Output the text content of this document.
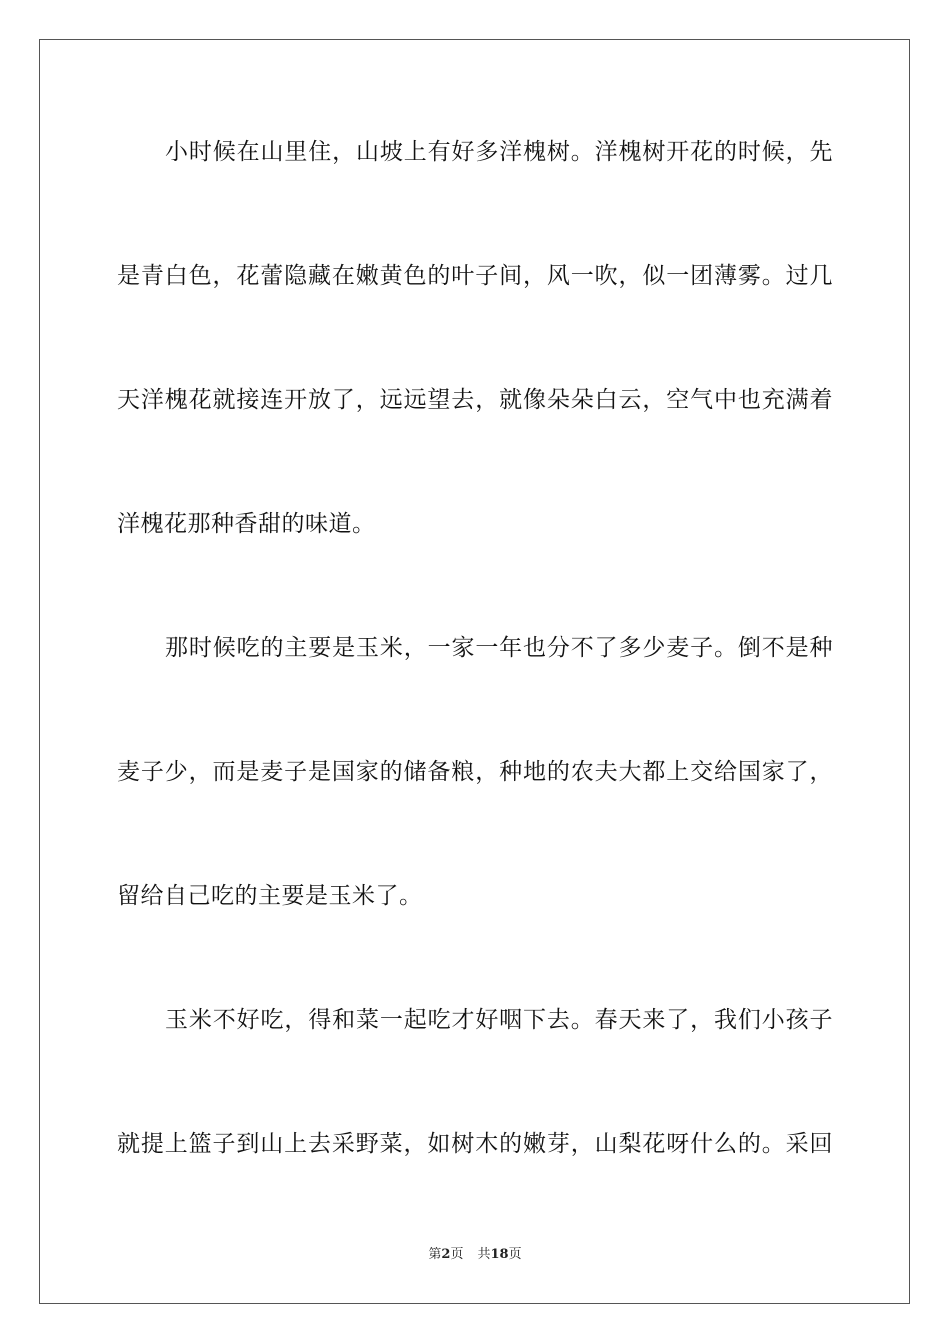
小时候在山里住，山坡上有好多洋槐树。洋槐树开花的时候，先
是青白色，花蕾隐藏在嫩黄色的叶子间，风一吹，似一团薄雾。过几
天洋槐花就接连开放了，远远望去，就像朵朵白云，空气中也充满着
洋槐花那种香甜的味道。
那时候吃的主要是玉米，一家一年也分不了多少麦子。倒不是种
麦子少，而是麦子是国家的储备粮，种地的农夫大都上交给国家了，
留给自己吃的主要是玉米了。
玉米不好吃，得和菜一起吃才好咽下去。春天来了，我们小孩子
就提上篮子到山上去采野菜，如树木的嫩芽，山梨花呀什么的。采回
第2页 共18页
